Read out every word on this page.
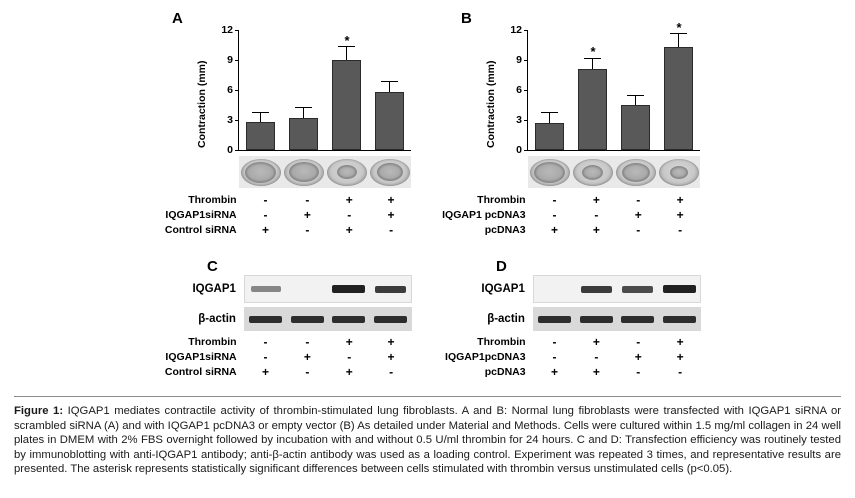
A
Contraction (mm)
12
9
6
3
0
*
Thrombin	-	-	+	+
IQGAP1siRNA	-	+	-	+
Control siRNA	+	-	+	-
B
Contraction (mm)
12
9
6
3
0
*
*
Thrombin	-	+	-	+
IQGAP1 pcDNA3	-	-	+	+
pcDNA3	+	+	-	-
C
IQGAP1
β-actin
Thrombin	-	-	+	+
IQGAP1siRNA	-	+	-	+
Control siRNA	+	-	+	-
D
IQGAP1
β-actin
Thrombin	-	+	-	+
IQGAP1pcDNA3	-	-	+	+
pcDNA3	+	+	-	-
Figure 1: IQGAP1 mediates contractile activity of thrombin-stimulated lung fibroblasts. A and B: Normal lung fibroblasts were transfected with IQGAP1 siRNA or scrambled siRNA (A) and with IQGAP1 pcDNA3 or empty vector (B) As detailed under Material and Methods. Cells were cultured within 1.5 mg/ml collagen in 24 well plates in DMEM with 2% FBS overnight followed by incubation with and without 0.5 U/ml thrombin for 24 hours. C and D: Transfection efficiency was routinely tested by immunoblotting with anti-IQGAP1 antibody; anti-β-actin antibody was used as a loading control. Experiment was repeated 3 times, and representative results are presented. The asterisk represents statistically significant differences between cells stimulated with thrombin versus unstimulated cells (p<0.05).
